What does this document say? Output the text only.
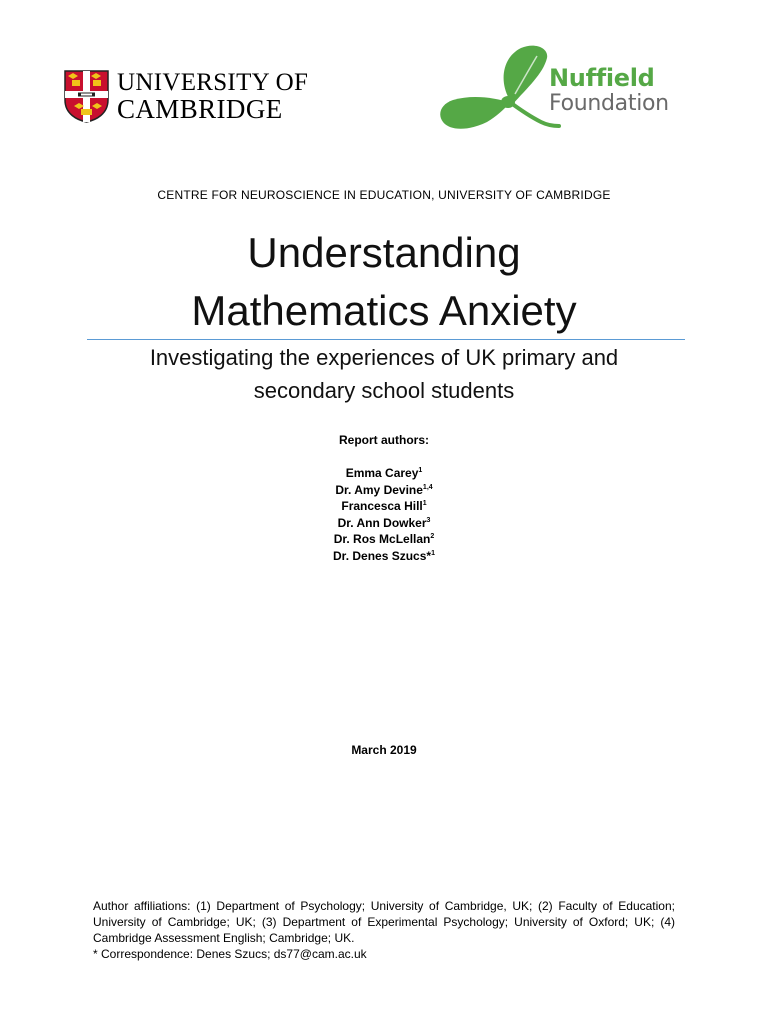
UNIVERSITY OF
CAMBRIDGE
Nuffield
Foundation
CENTRE FOR NEUROSCIENCE IN EDUCATION, UNIVERSITY OF CAMBRIDGE
Understanding
Mathematics Anxiety
Investigating the experiences of UK primary and
secondary school students
Report authors:
Emma Carey$^1$
Dr. Amy Devine$^{1,4}$
Francesca Hill$^1$
Dr. Ann Dowker$^3$
Dr. Ros McLellan$^2$
Dr. Denes Szucs*$^1$
March 2019
Author affiliations: (1) Department of Psychology; University of Cambridge, UK; (2) Faculty of Education; University of Cambridge; UK; (3) Department of Experimental Psychology; University of Oxford; UK; (4) Cambridge Assessment English; Cambridge; UK.
* Correspondence: Denes Szucs; ds77@cam.ac.uk
